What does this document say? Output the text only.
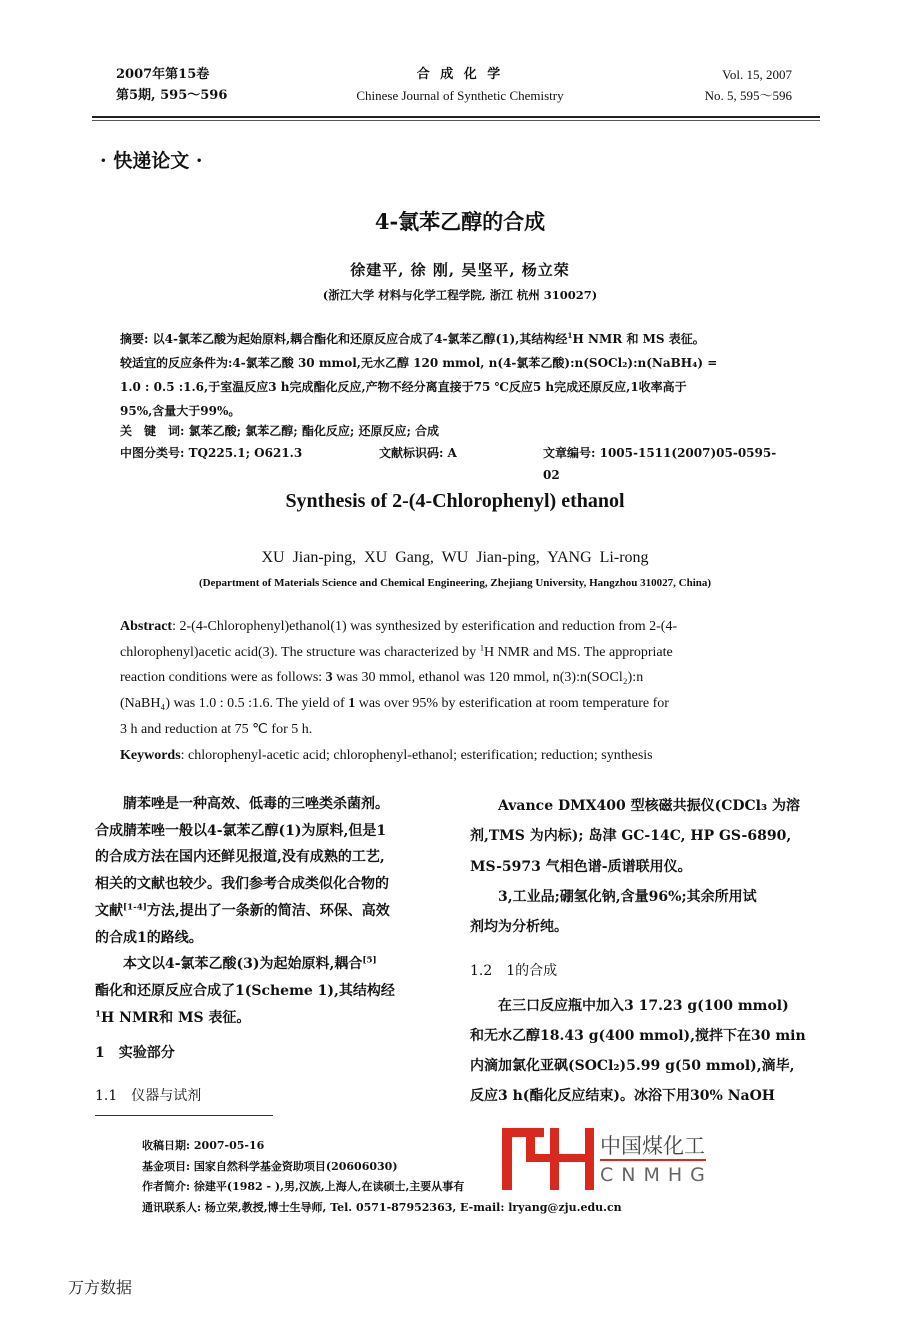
2007年第15卷
第5期, 595～596
合 成 化 学
Chinese Journal of Synthetic Chemistry
Vol. 15, 2007
No. 5, 595～596
· 快递论文 ·
4-氯苯乙醇的合成
徐建平, 徐 刚, 吴坚平, 杨立荣
(浙江大学 材料与化学工程学院, 浙江 杭州 310027)
摘要: 以4-氯苯乙酸为起始原料,耦合酯化和还原反应合成了4-氯苯乙醇(1),其结构经$^1$H NMR 和 MS 表征。
较适宜的反应条件为:4-氯苯乙酸 30 mmol,无水乙醇 120 mmol, n(4-氯苯乙酸):n(SOCl₂):n(NaBH₄) =
1.0 : 0.5 :1.6,于室温反应3 h完成酯化反应,产物不经分离直接于75 ℃反应5 h完成还原反应,1收率高于
95%,含量大于99%。
关　键　词:
氯苯乙酸; 氯苯乙醇; 酯化反应; 还原反应; 合成
中图分类号: TQ225.1; O621.3	文献标识码: A	文章编号: 1005-1511(2007)05-0595-02
Synthesis of 2-(4-Chlorophenyl) ethanol
XU Jian-ping, XU Gang, WU Jian-ping, YANG Li-rong
(Department of Materials Science and Chemical Engineering, Zhejiang University, Hangzhou 310027, China)
Abstract: 2-(4-Chlorophenyl)ethanol(1) was synthesized by esterification and reduction from 2-(4-
chlorophenyl)acetic acid(3). The structure was characterized by $^1$H NMR and MS. The appropriate
reaction conditions were as follows: 3 was 30 mmol, ethanol was 120 mmol, n(3):n(SOCl₂):n
(NaBH₄) was 1.0 : 0.5 :1.6. The yield of 1 was over 95% by esterification at room temperature for
3 h and reduction at 75 ℃ for 5 h.
Keywords: chlorophenyl-acetic acid; chlorophenyl-ethanol; esterification; reduction; synthesis
腈苯唑是一种高效、低毒的三唑类杀菌剂。
合成腈苯唑一般以4-氯苯乙醇(1)为原料,但是1
的合成方法在国内还鲜见报道,没有成熟的工艺,
相关的文献也较少。我们参考合成类似化合物的
文献[1-4]方法,提出了一条新的简洁、环保、高效
的合成1的路线。
本文以4-氯苯乙酸(3)为起始原料,耦合[5]
酯化和还原反应合成了1(Scheme 1),其结构经
$^1$H NMR和 MS 表征。
1　实验部分
1.1　仪器与试剂
Avance DMX400 型核磁共振仪(CDCl₃ 为溶
剂,TMS 为内标); 岛津 GC-14C, HP GS-6890,
MS-5973 气相色谱-质谱联用仪。
3,工业品;硼氢化钠,含量96%;其余所用试
剂均为分析纯。
1.2　1的合成
在三口反应瓶中加入3 17.23 g(100 mmol)
和无水乙醇18.43 g(400 mmol),搅拌下在30 min
内滴加氯化亚砜(SOCl₂)5.99 g(50 mmol),滴毕,
反应3 h(酯化反应结束)。冰浴下用30% NaOH
收稿日期: 2007-05-16
基金项目: 国家自然科学基金资助项目(20606030)
作者简介: 徐建平(1982 - ),男,汉族,上海人,在读硕士,主要从事有
通讯联系人: 杨立荣,教授,博士生导师, Tel. 0571-87952363, E-mail: lryang@zju.edu.cn
中国煤化工
CNMHG
万方数据
